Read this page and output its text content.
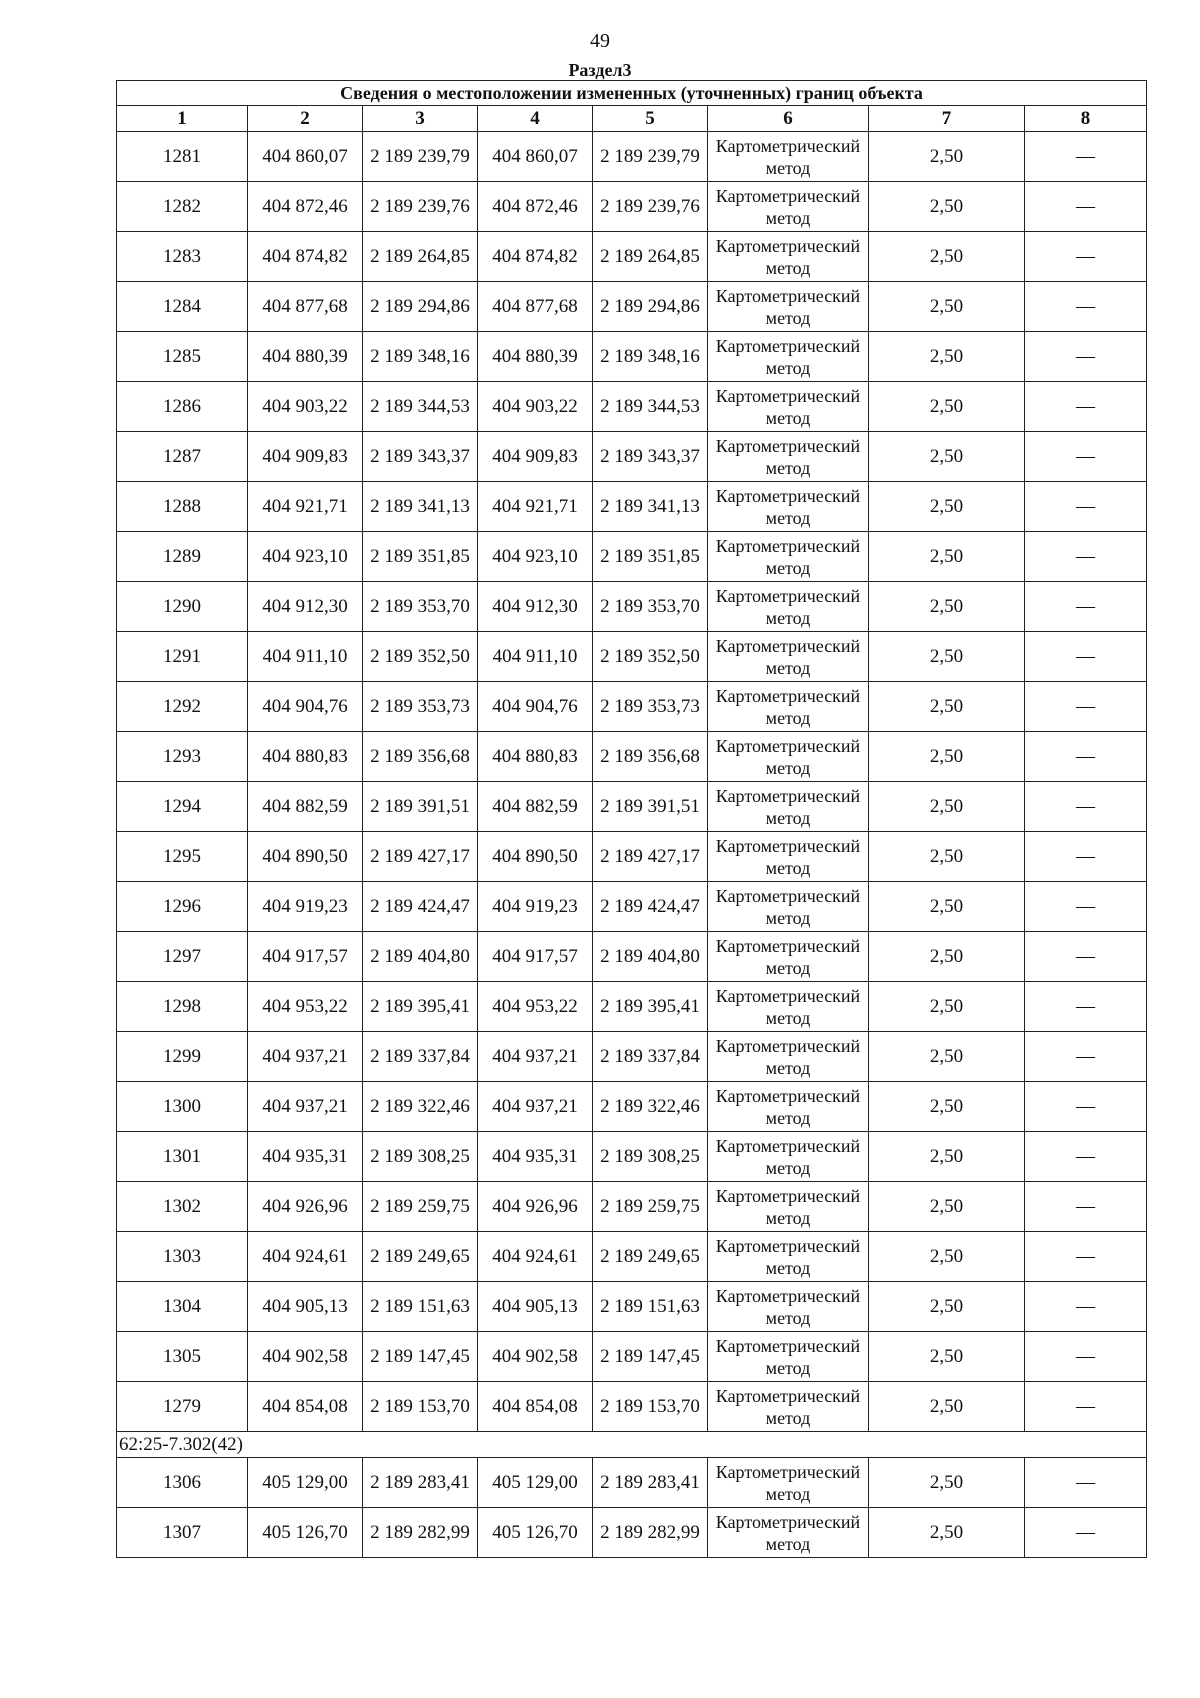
49
Раздел3
Сведения о местоположении измененных (уточненных) границ объекта							
1	2	3	4	5	6	7	8
1281	404 860,07	2 189 239,79	404 860,07	2 189 239,79	Картометрический метод	2,50	—
1282	404 872,46	2 189 239,76	404 872,46	2 189 239,76	Картометрический метод	2,50	—
1283	404 874,82	2 189 264,85	404 874,82	2 189 264,85	Картометрический метод	2,50	—
1284	404 877,68	2 189 294,86	404 877,68	2 189 294,86	Картометрический метод	2,50	—
1285	404 880,39	2 189 348,16	404 880,39	2 189 348,16	Картометрический метод	2,50	—
1286	404 903,22	2 189 344,53	404 903,22	2 189 344,53	Картометрический метод	2,50	—
1287	404 909,83	2 189 343,37	404 909,83	2 189 343,37	Картометрический метод	2,50	—
1288	404 921,71	2 189 341,13	404 921,71	2 189 341,13	Картометрический метод	2,50	—
1289	404 923,10	2 189 351,85	404 923,10	2 189 351,85	Картометрический метод	2,50	—
1290	404 912,30	2 189 353,70	404 912,30	2 189 353,70	Картометрический метод	2,50	—
1291	404 911,10	2 189 352,50	404 911,10	2 189 352,50	Картометрический метод	2,50	—
1292	404 904,76	2 189 353,73	404 904,76	2 189 353,73	Картометрический метод	2,50	—
1293	404 880,83	2 189 356,68	404 880,83	2 189 356,68	Картометрический метод	2,50	—
1294	404 882,59	2 189 391,51	404 882,59	2 189 391,51	Картометрический метод	2,50	—
1295	404 890,50	2 189 427,17	404 890,50	2 189 427,17	Картометрический метод	2,50	—
1296	404 919,23	2 189 424,47	404 919,23	2 189 424,47	Картометрический метод	2,50	—
1297	404 917,57	2 189 404,80	404 917,57	2 189 404,80	Картометрический метод	2,50	—
1298	404 953,22	2 189 395,41	404 953,22	2 189 395,41	Картометрический метод	2,50	—
1299	404 937,21	2 189 337,84	404 937,21	2 189 337,84	Картометрический метод	2,50	—
1300	404 937,21	2 189 322,46	404 937,21	2 189 322,46	Картометрический метод	2,50	—
1301	404 935,31	2 189 308,25	404 935,31	2 189 308,25	Картометрический метод	2,50	—
1302	404 926,96	2 189 259,75	404 926,96	2 189 259,75	Картометрический метод	2,50	—
1303	404 924,61	2 189 249,65	404 924,61	2 189 249,65	Картометрический метод	2,50	—
1304	404 905,13	2 189 151,63	404 905,13	2 189 151,63	Картометрический метод	2,50	—
1305	404 902,58	2 189 147,45	404 902,58	2 189 147,45	Картометрический метод	2,50	—
1279	404 854,08	2 189 153,70	404 854,08	2 189 153,70	Картометрический метод	2,50	—
62:25-7.302(42)							
1306	405 129,00	2 189 283,41	405 129,00	2 189 283,41	Картометрический метод	2,50	—
1307	405 126,70	2 189 282,99	405 126,70	2 189 282,99	Картометрический метод	2,50	—
